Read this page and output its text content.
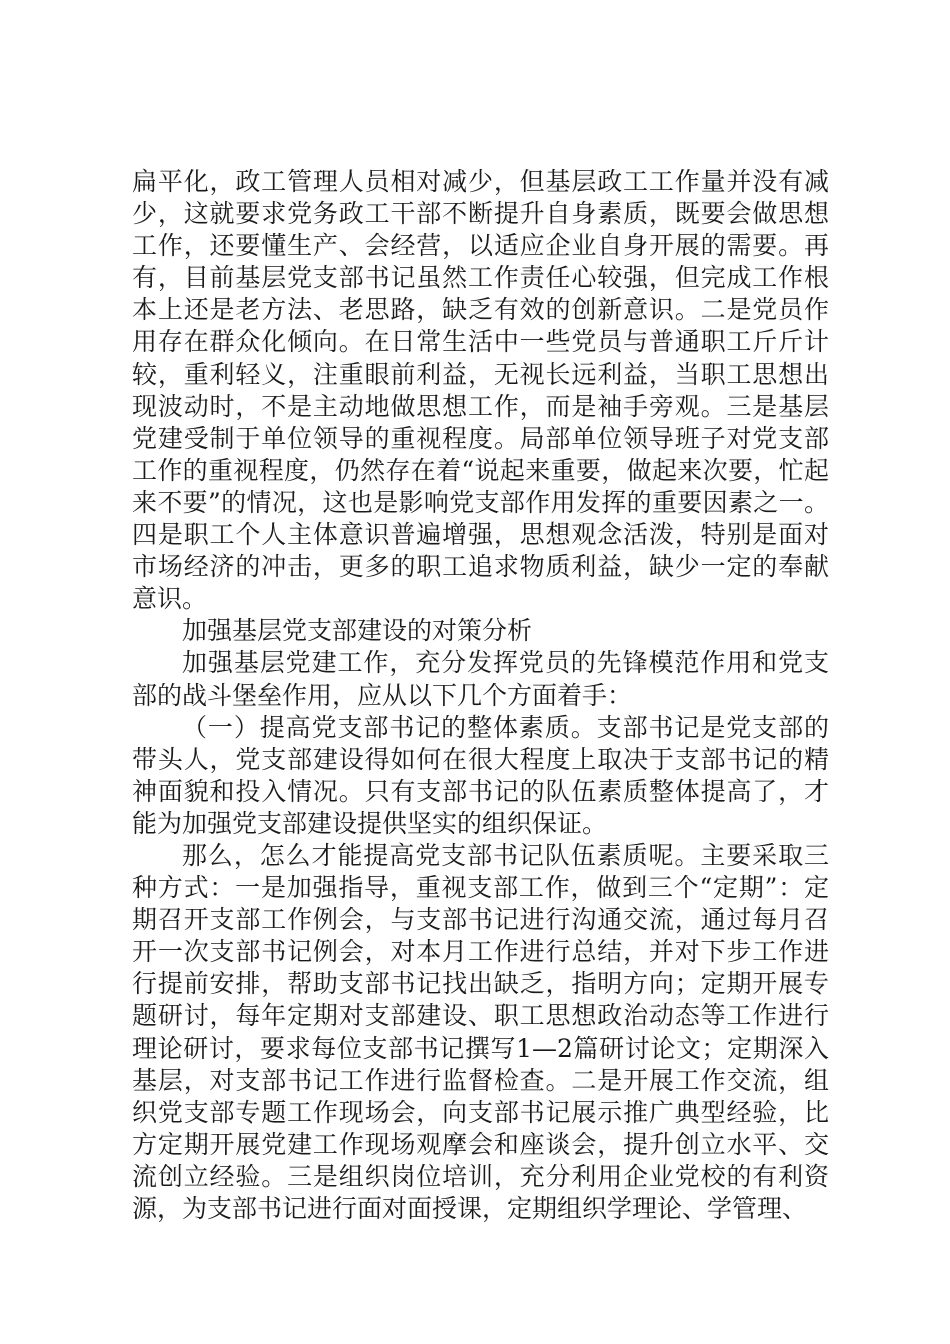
扁平化，政工管理人员相对减少，但基层政工工作量并没有减少，这就要求党务政工干部不断提升自身素质，既要会做思想工作，还要懂生产、会经营，以适应企业自身开展的需要。再有，目前基层党支部书记虽然工作责任心较强，但完成工作根本上还是老方法、老思路，缺乏有效的创新意识。二是党员作用存在群众化倾向。在日常生活中一些党员与普通职工斤斤计较，重利轻义，注重眼前利益，无视长远利益，当职工思想出现波动时，不是主动地做思想工作，而是袖手旁观。三是基层党建受制于单位领导的重视程度。局部单位领导班子对党支部工作的重视程度，仍然存在着“说起来重要，做起来次要，忙起来不要”的情况，这也是影响党支部作用发挥的重要因素之一。四是职工个人主体意识普遍增强，思想观念活泼，特别是面对市场经济的冲击，更多的职工追求物质利益，缺少一定的奉献意识。

加强基层党支部建设的对策分析

加强基层党建工作，充分发挥党员的先锋模范作用和党支部的战斗堡垒作用，应从以下几个方面着手：

（一）提高党支部书记的整体素质。支部书记是党支部的带头人，党支部建设得如何在很大程度上取决于支部书记的精神面貌和投入情况。只有支部书记的队伍素质整体提高了，才能为加强党支部建设提供坚实的组织保证。

那么，怎么才能提高党支部书记队伍素质呢。主要采取三种方式：一是加强指导，重视支部工作，做到三个“定期”：定期召开支部工作例会，与支部书记进行沟通交流，通过每月召开一次支部书记例会，对本月工作进行总结，并对下步工作进行提前安排，帮助支部书记找出缺乏，指明方向；定期开展专题研讨，每年定期对支部建设、职工思想政治动态等工作进行理论研讨，要求每位支部书记撰写1—2篇研讨论文；定期深入基层，对支部书记工作进行监督检查。二是开展工作交流，组织党支部专题工作现场会，向支部书记展示推广典型经验，比方定期开展党建工作现场观摩会和座谈会，提升创立水平、交流创立经验。三是组织岗位培训，充分利用企业党校的有利资源，为支部书记进行面对面授课，定期组织学理论、学管理、
